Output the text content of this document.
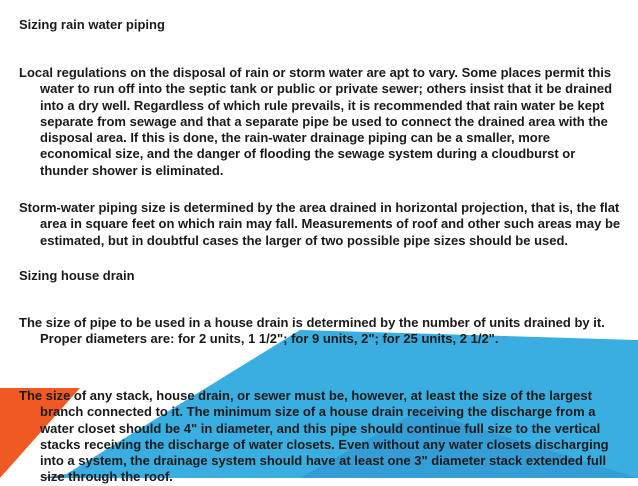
Sizing rain water piping

Local regulations on the disposal of rain or storm water are apt to vary. Some places permit this water to run off into the septic tank or public or private sewer; others insist that it be drained into a dry well. Regardless of which rule prevails, it is recommended that rain water be kept separate from sewage and that a separate pipe be used to connect the drained area with the disposal area. If this is done, the rain-water drainage piping can be a smaller, more economical size, and the danger of flooding the sewage system during a cloudburst or thunder shower is eliminated.

Storm-water piping size is determined by the area drained in horizontal projection, that is, the flat area in square feet on which rain may fall. Measurements of roof and other such areas may be estimated, but in doubtful cases the larger of two possible pipe sizes should be used.

Sizing house drain

The size of pipe to be used in a house drain is determined by the number of units drained by it. Proper diameters are: for 2 units, 1 1/2"; for 9 units, 2"; for 25 units, 2 1/2".

The size of any stack, house drain, or sewer must be, however, at least the size of the largest branch connected to it. The minimum size of a house drain receiving the discharge from a water closet should be 4" in diameter, and this pipe should continue full size to the vertical stacks receiving the discharge of water closets. Even without any water closets discharging into a system, the drainage system should have at least one 3" diameter stack extended full size through the roof.
